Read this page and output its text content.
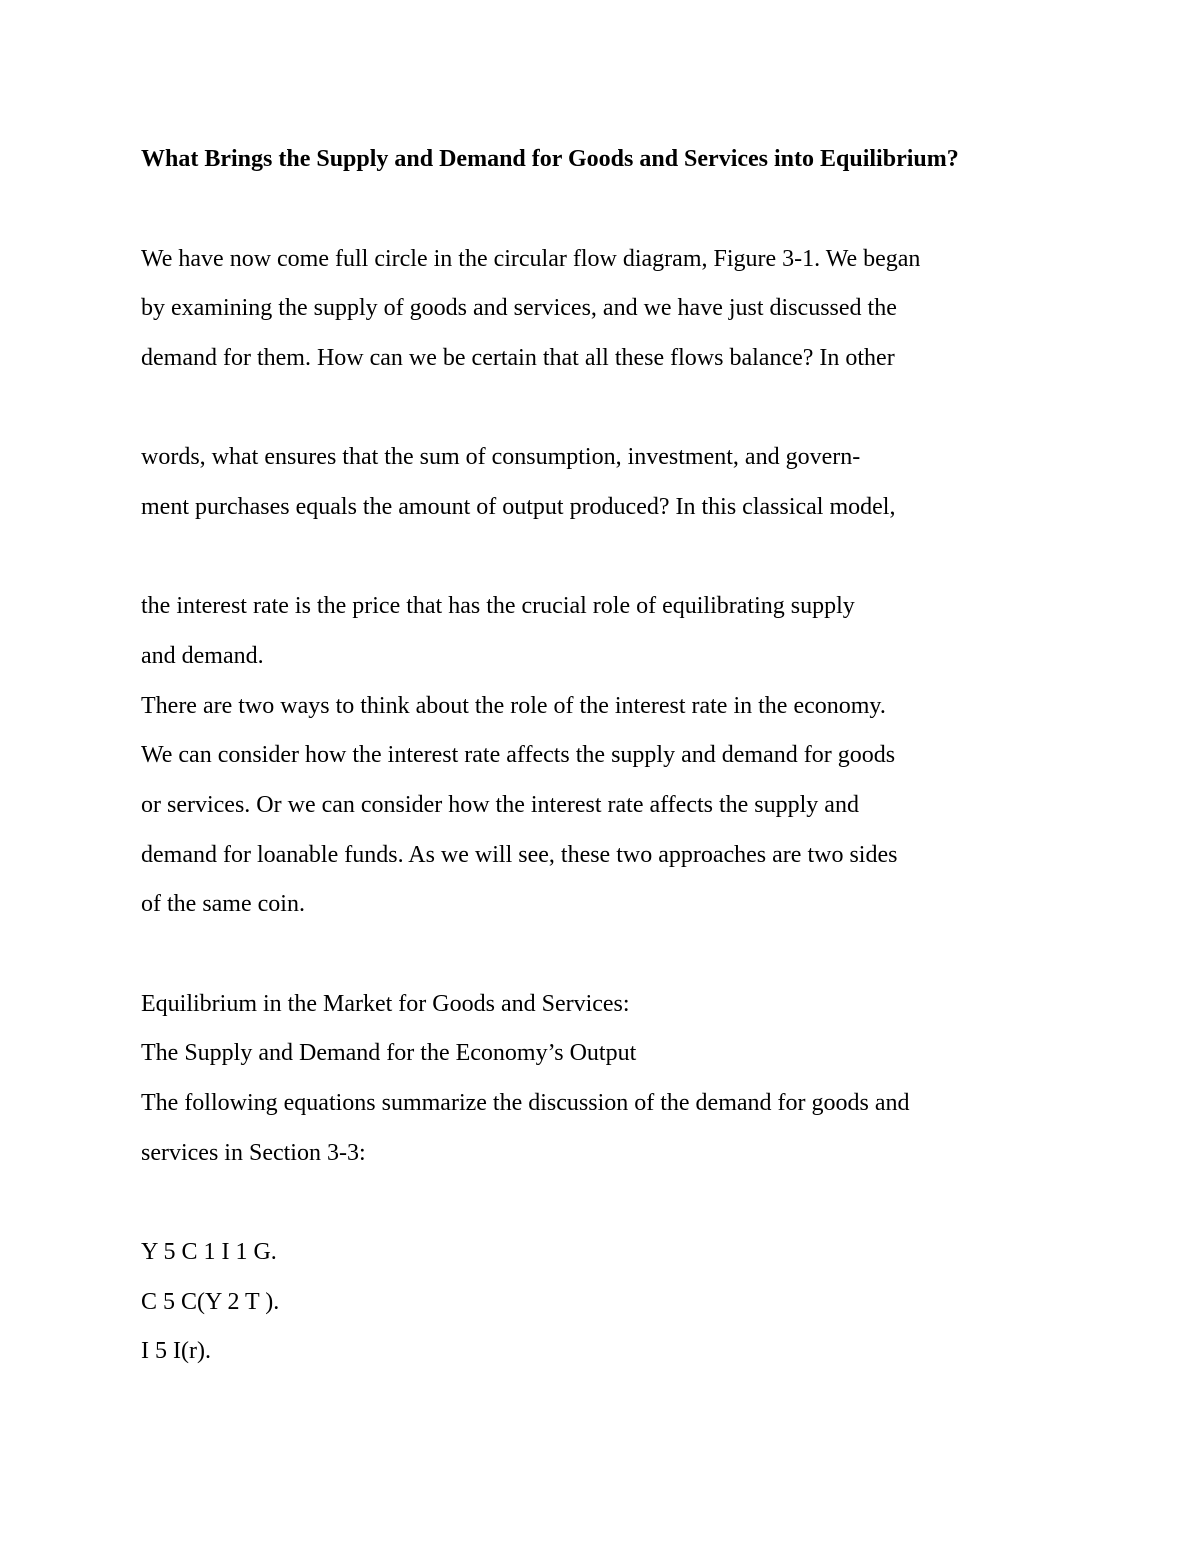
What Brings the Supply and Demand for Goods and Services into Equilibrium?
We have now come full circle in the circular flow diagram, Figure 3-1. We began
by examining the supply of goods and services, and we have just discussed the
demand for them. How can we be certain that all these flows balance? In other
words, what ensures that the sum of consumption, investment, and govern-
ment purchases equals the amount of output produced? In this classical model,
the interest rate is the price that has the crucial role of equilibrating supply
and demand.
There are two ways to think about the role of the interest rate in the economy.
We can consider how the interest rate affects the supply and demand for goods
or services. Or we can consider how the interest rate affects the supply and
demand for loanable funds. As we will see, these two approaches are two sides
of the same coin.
Equilibrium in the Market for Goods and Services:
The Supply and Demand for the Economy’s Output
The following equations summarize the discussion of the demand for goods and
services in Section 3-3:
Y 5 C 1 I 1 G.
C 5 C(Y 2 T ).
I 5 I(r).
